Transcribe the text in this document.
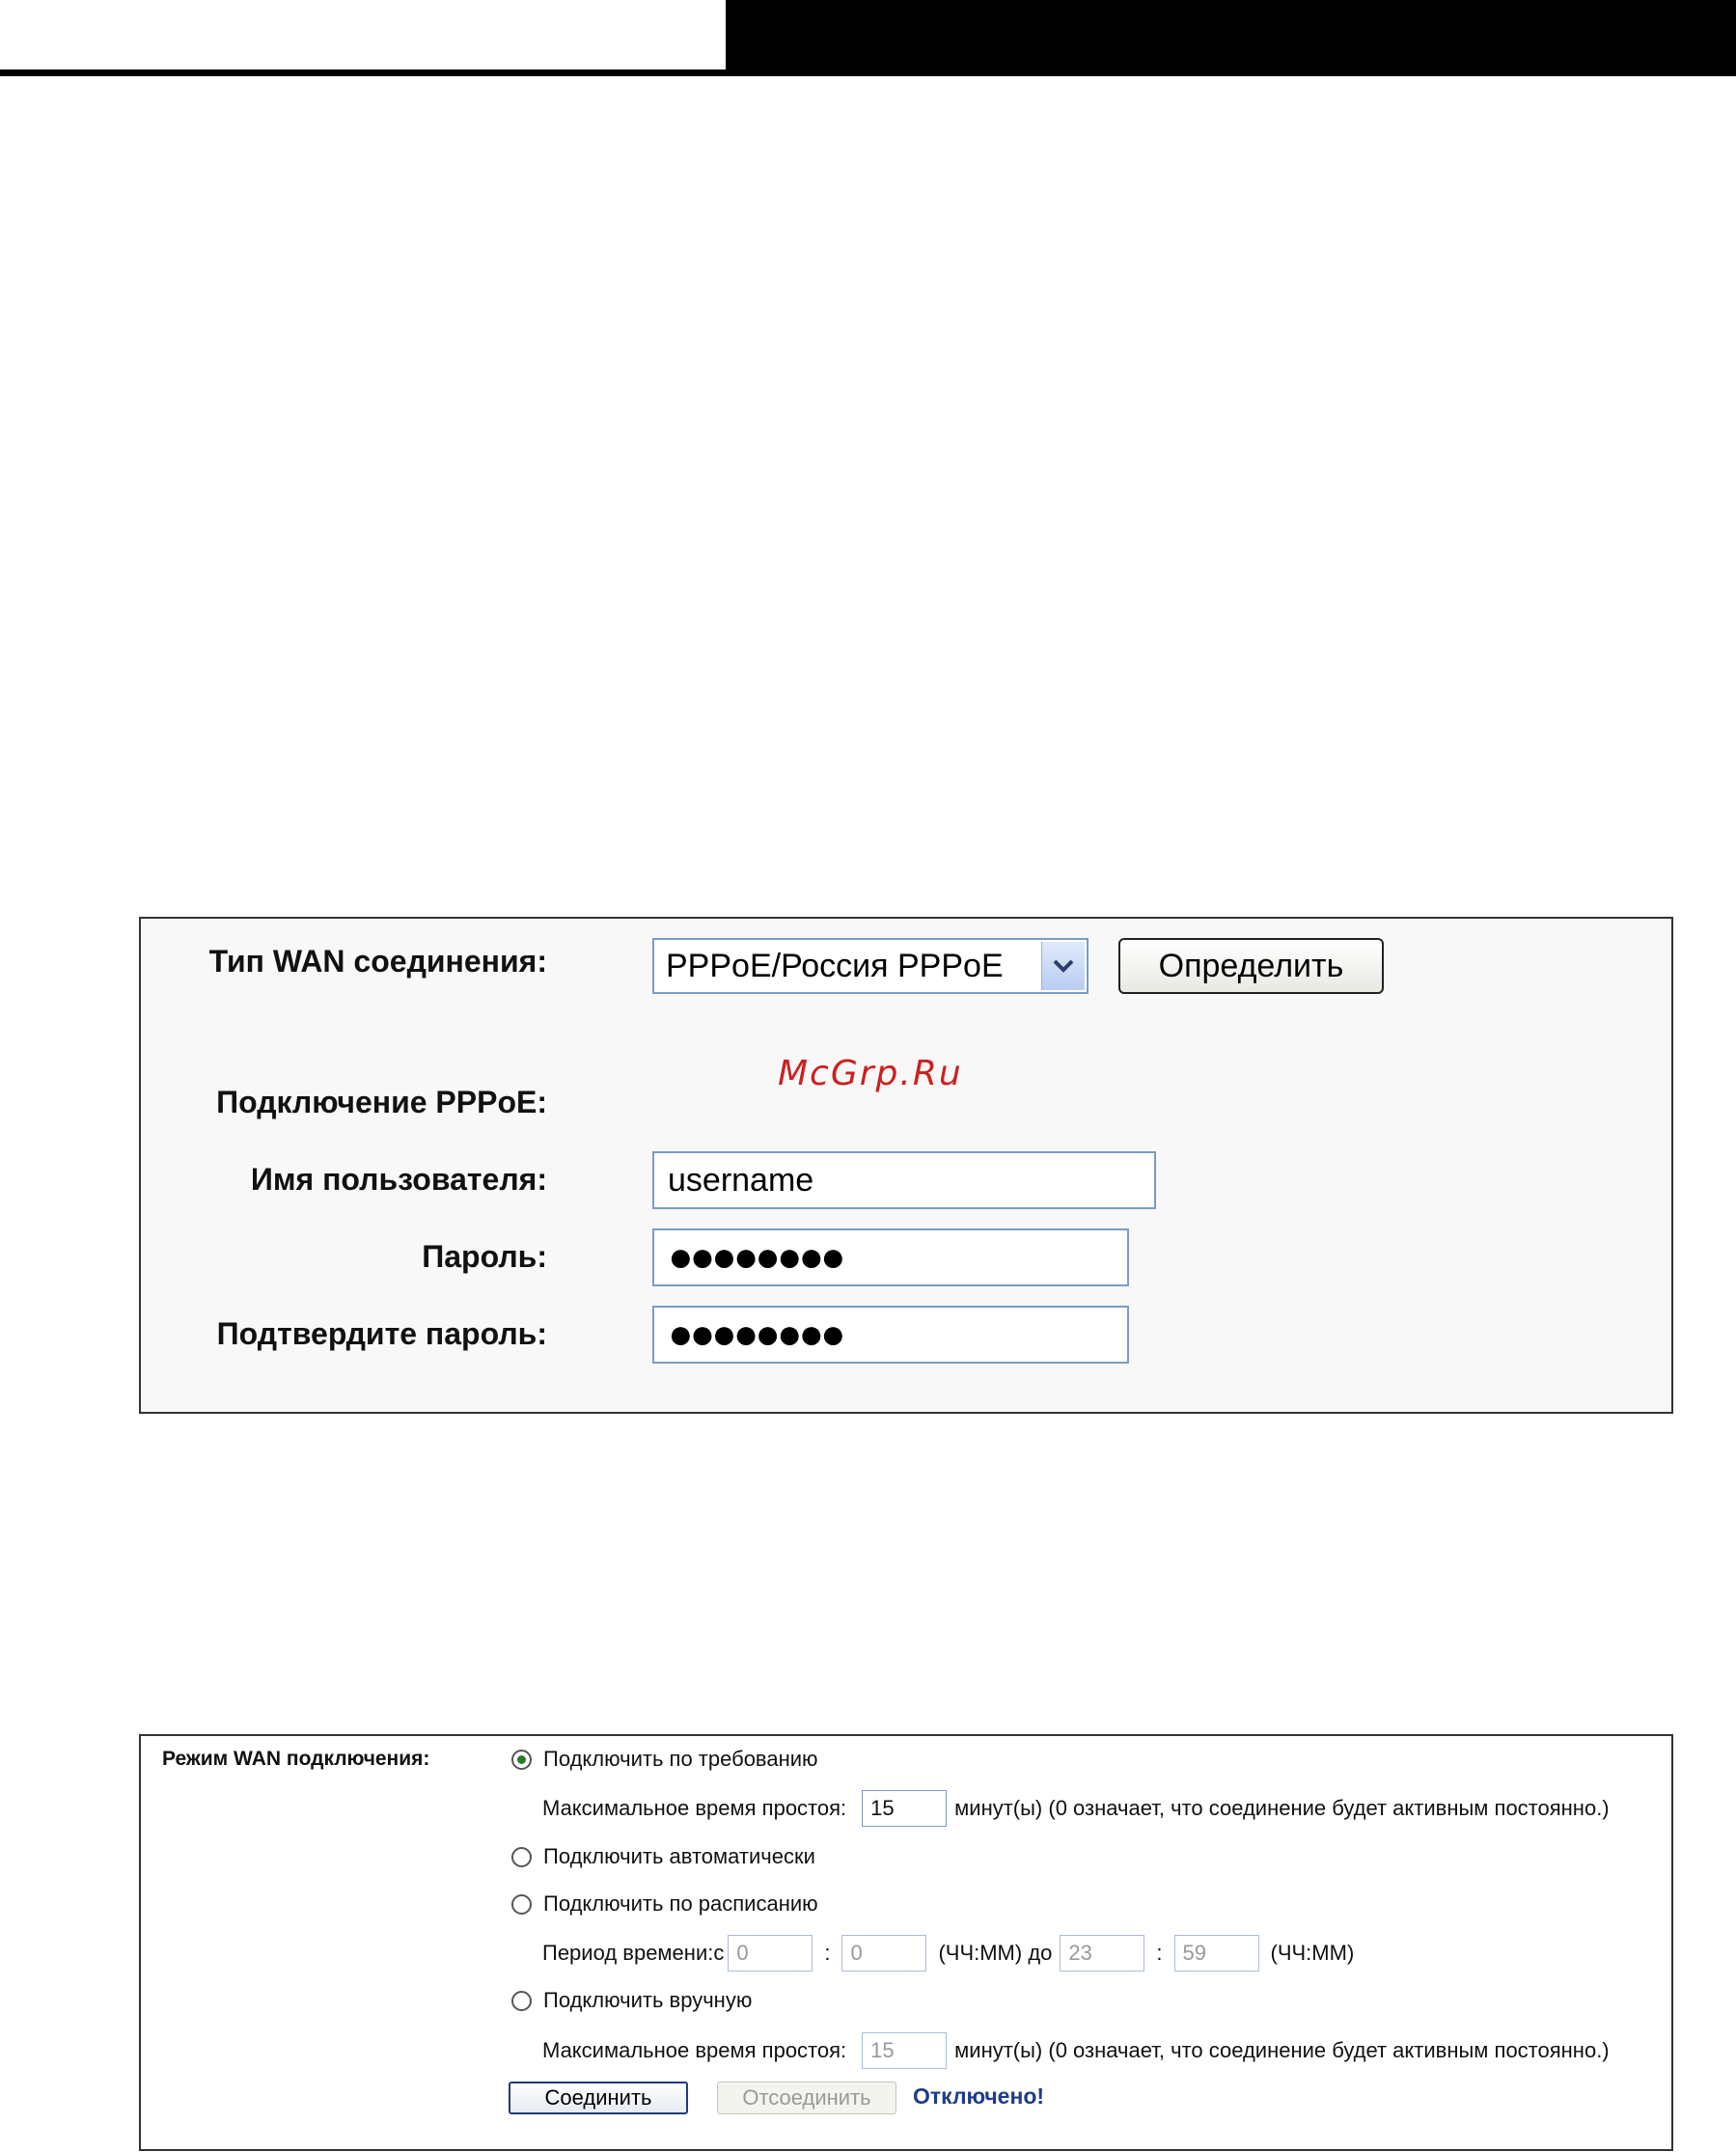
Тип WAN соединения:	PPPoE/Россия PPPoE	Определить
McGrp.Ru
Подключение PPPoE:
Имя пользователя:	username
Пароль:	●●●●●●●●
Подтвердите пароль:	●●●●●●●●
Режим WAN подключения:	Подключить по требованию
Максимальное время простоя:	15	минут(ы) (0 означает, что соединение будет активным постоянно.)
Подключить автоматически
Подключить по расписанию
Период времени:с 0	: 0	(ЧЧ:ММ) до 23	: 59	(ЧЧ:ММ)
Подключить вручную
Максимальное время простоя:	15	минут(ы) (0 означает, что соединение будет активным постоянно.)
Соединить	Отсоединить	Отключено!
